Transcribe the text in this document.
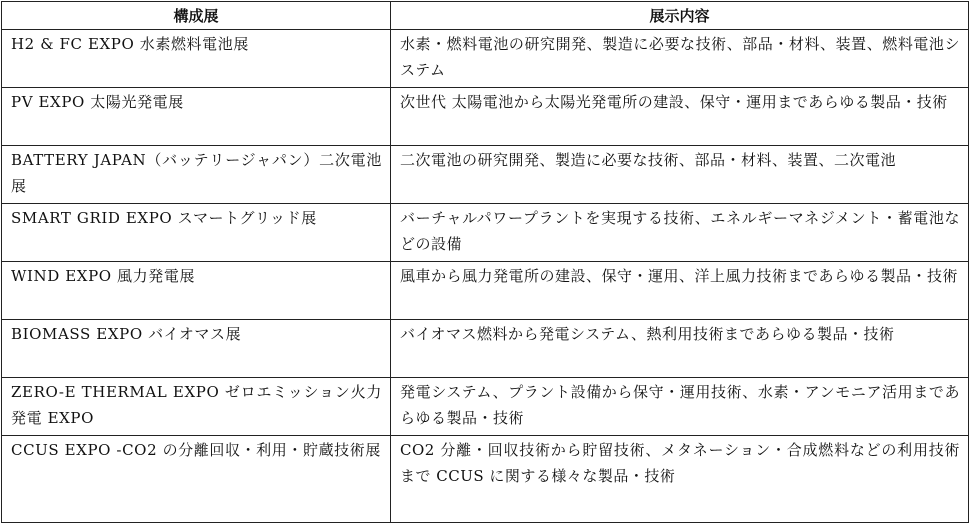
構成展	展示内容
H2 & FC EXPO 水素燃料電池展	水素・燃料電池の研究開発、製造に必要な技術、部品・材料、装置、燃料電池システム
PV EXPO 太陽光発電展	次世代 太陽電池から太陽光発電所の建設、保守・運用まであらゆる製品・技術
BATTERY JAPAN（バッテリージャパン）二次電池展	二次電池の研究開発、製造に必要な技術、部品・材料、装置、二次電池
SMART GRID EXPO スマートグリッド展	バーチャルパワープラントを実現する技術、エネルギーマネジメント・蓄電池などの設備
WIND EXPO 風力発電展	風車から風力発電所の建設、保守・運用、洋上風力技術まであらゆる製品・技術
BIOMASS EXPO バイオマス展	バイオマス燃料から発電システム、熱利用技術まであらゆる製品・技術
ZERO-E THERMAL EXPO ゼロエミッション火力発電 EXPO	発電システム、プラント設備から保守・運用技術、水素・アンモニア活用まであらゆる製品・技術
CCUS EXPO -CO2 の分離回収・利用・貯蔵技術展	CO2 分離・回収技術から貯留技術、メタネーション・合成燃料などの利用技術まで CCUS に関する様々な製品・技術
